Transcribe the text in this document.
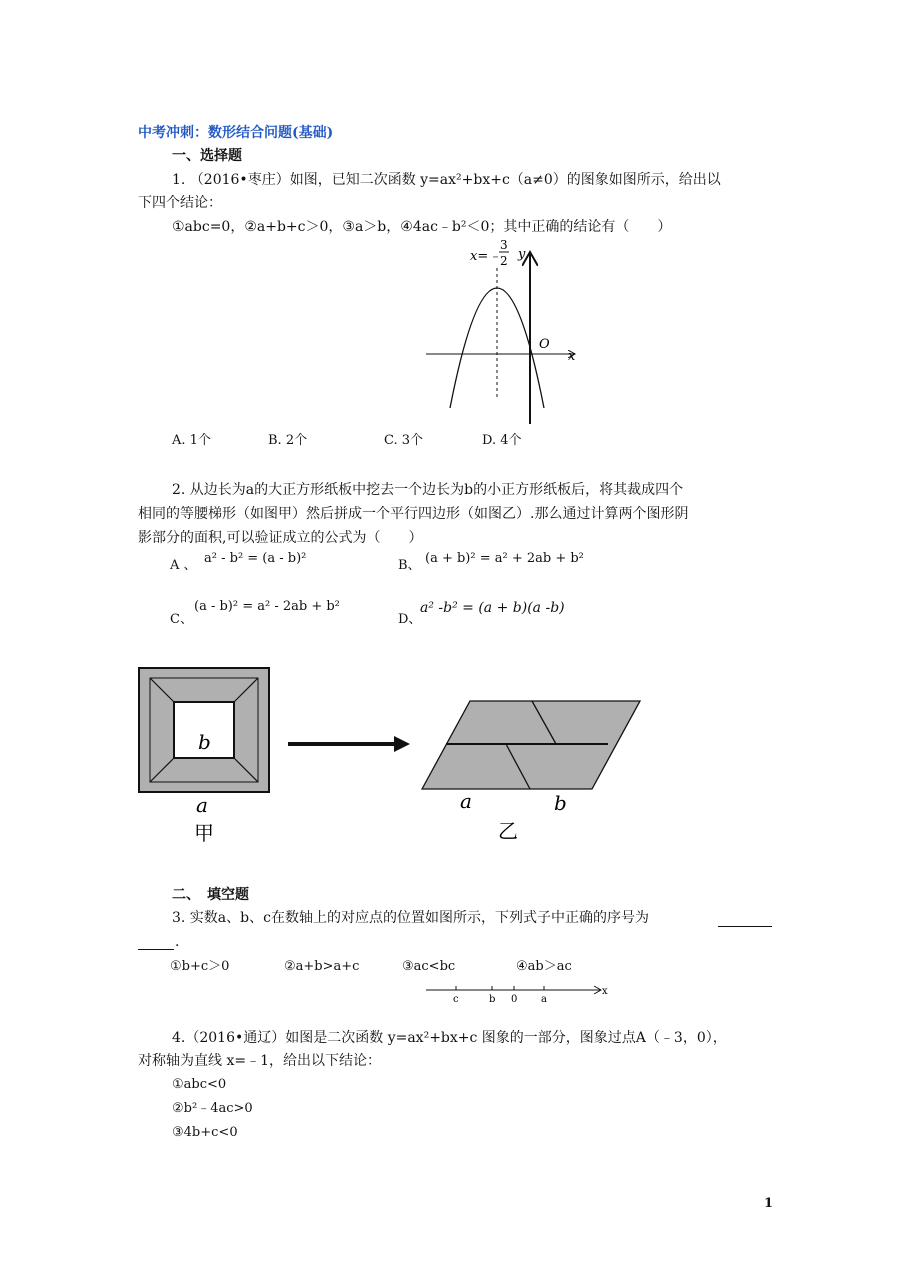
中考冲刺：数形结合问题(基础)
一、选择题
1. （2016•枣庄）如图，已知二次函数 y=ax²+bx+c（a≠0）的图象如图所示，给出以
下四个结论：
①abc=0，②a+b+c＞0，③a＞b，④4ac﹣b²＜0；其中正确的结论有（　　）
x=﹣
3
2 y
x
O
A. 1个	B. 2个	C. 3个	D. 4个
2. 从边长为a的大正方形纸板中挖去一个边长为b的小正方形纸板后，将其裁成四个
相同的等腰梯形（如图甲）然后拼成一个平行四边形（如图乙）.那么通过计算两个图形阴
影部分的面积,可以验证成立的公式为（　　）
A 、 a² - b² = (a - b)²	B、 (a + b)² = a² + 2ab + b²
C、
(a - b)² = a² - 2ab + b²
D、
a² -b² = (a + b)(a -b)
b
a
甲
a	b
乙
二、　填空题
3. 实数a、b、c在数轴上的对应点的位置如图所示，下列式子中正确的序号为
.
①b+c＞0	②a+b>a+c	③ac<bc	④ab＞ac
c	b 0 a
x
4.（2016•通辽）如图是二次函数 y=ax²+bx+c 图象的一部分，图象过点A（﹣3，0），
对称轴为直线 x=﹣1，给出以下结论：
①abc<0
②b²﹣4ac>0
③4b+c<0
1
